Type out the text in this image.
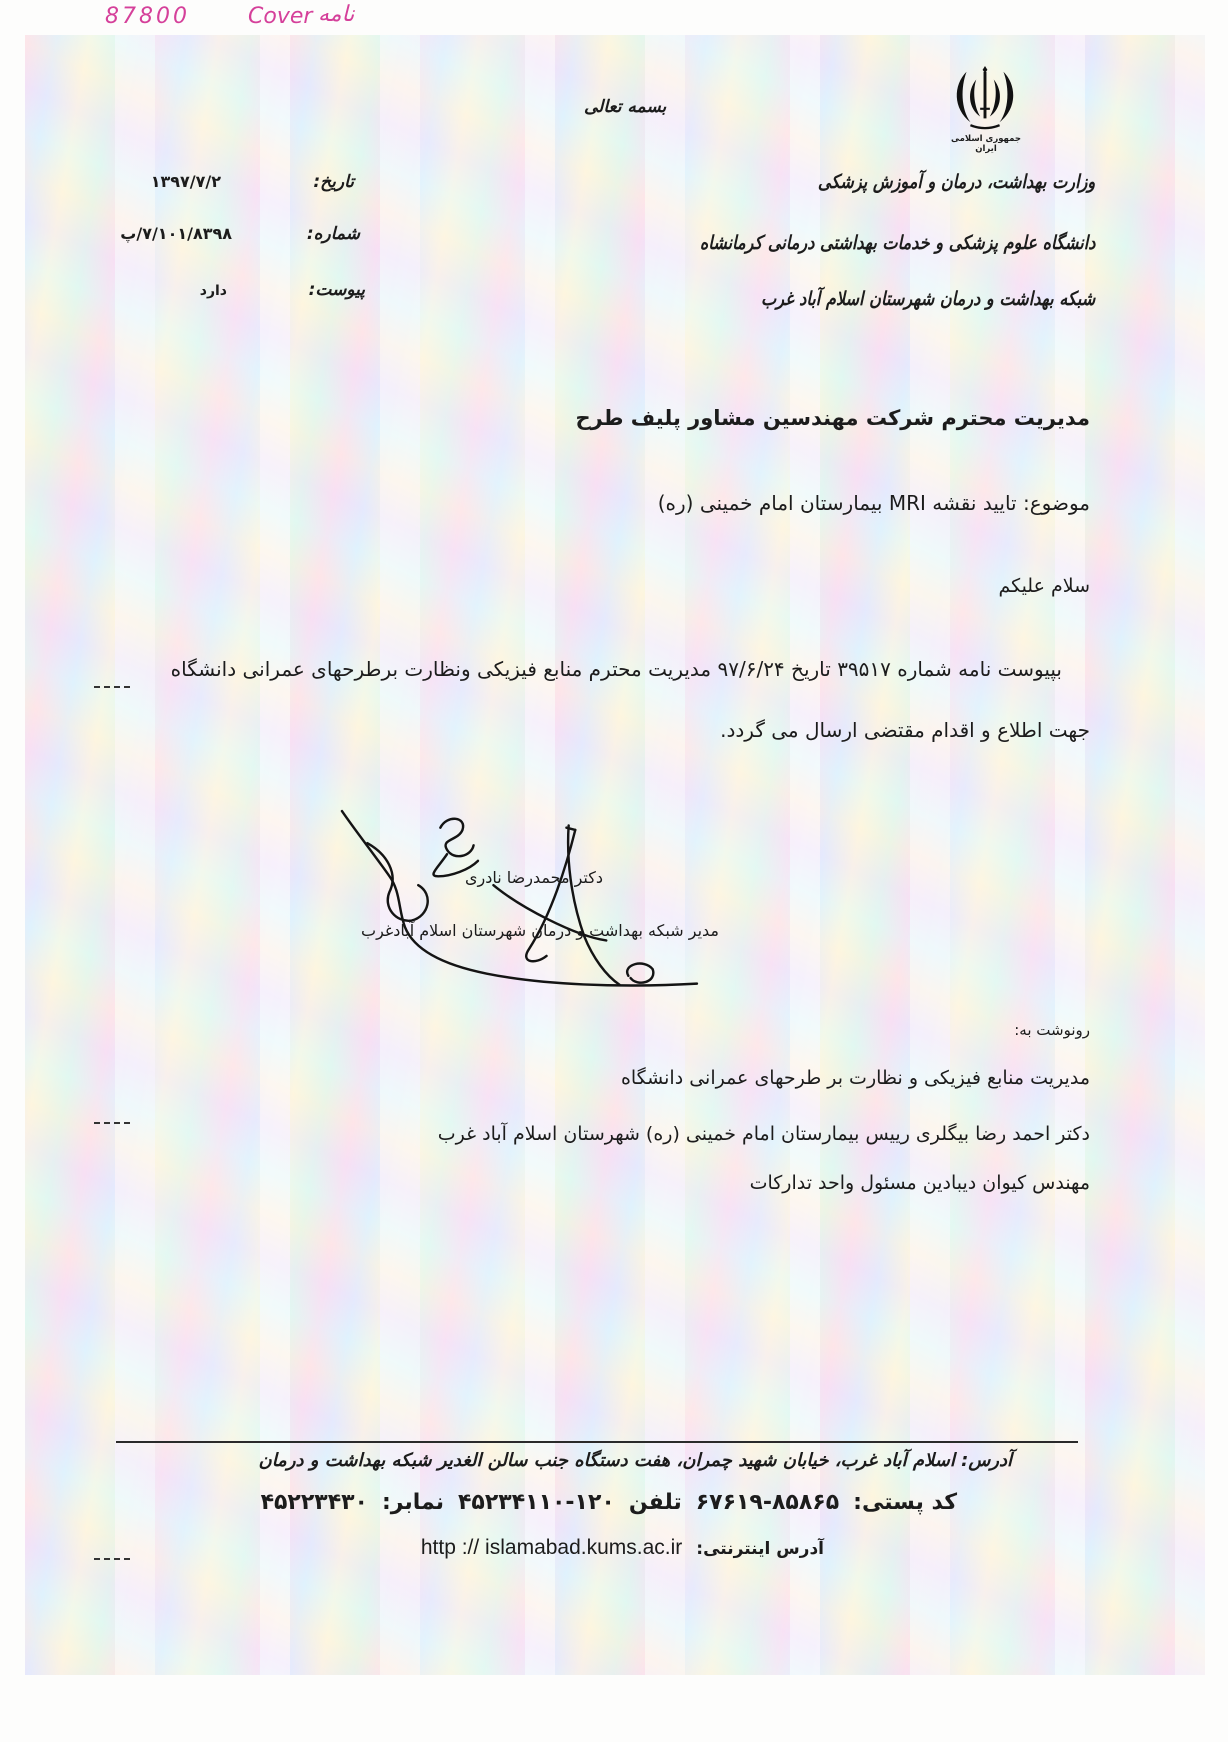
87800	Cover نامه
جمهوری اسلامی ایران
بسمه تعالی
وزارت بهداشت، درمان و آموزش پزشکی
دانشگاه علوم پزشکی و خدمات بهداشتی درمانی کرمانشاه
شبکه بهداشت و درمان شهرستان اسلام آباد غرب
تاریخ:
۱۳۹۷/۷/۲
شماره:
۷/۱۰۱/۸۳۹۸/پ
پیوست:
دارد
مدیریت محترم شرکت مهندسین مشاور پلیف طرح
موضوع: تایید نقشه MRI بیمارستان امام خمینی (ره)
سلام علیکم
بپیوست نامه شماره ۳۹۵۱۷ تاریخ ۹۷/۶/۲۴ مدیریت محترم منابع فیزیکی ونظارت برطرحهای عمرانی دانشگاه
جهت اطلاع و اقدام مقتضی ارسال می گردد.
دکتر محمدرضا نادری
مدیر شبکه بهداشت و درمان شهرستان اسلام آبادغرب
رونوشت به:
مدیریت منابع فیزیکی و نظارت بر طرحهای عمرانی دانشگاه
دکتر احمد رضا بیگلری رییس بیمارستان امام خمینی (ره) شهرستان اسلام آباد غرب
مهندس کیوان دیبادین مسئول واحد تدارکات
آدرس: اسلام آباد غرب، خیابان شهید چمران، هفت دستگاه جنب سالن الغدیر شبکه بهداشت و درمان
کد پستی:
۶۷۶۱۹-۸۵۸۶۵
تلفن
۴۵۲۳۴۱۱۰-۱۲۰
نمابر:
۴۵۲۲۳۴۳۰
آدرس اینترنتی:
http :// islamabad.kums.ac.ir
